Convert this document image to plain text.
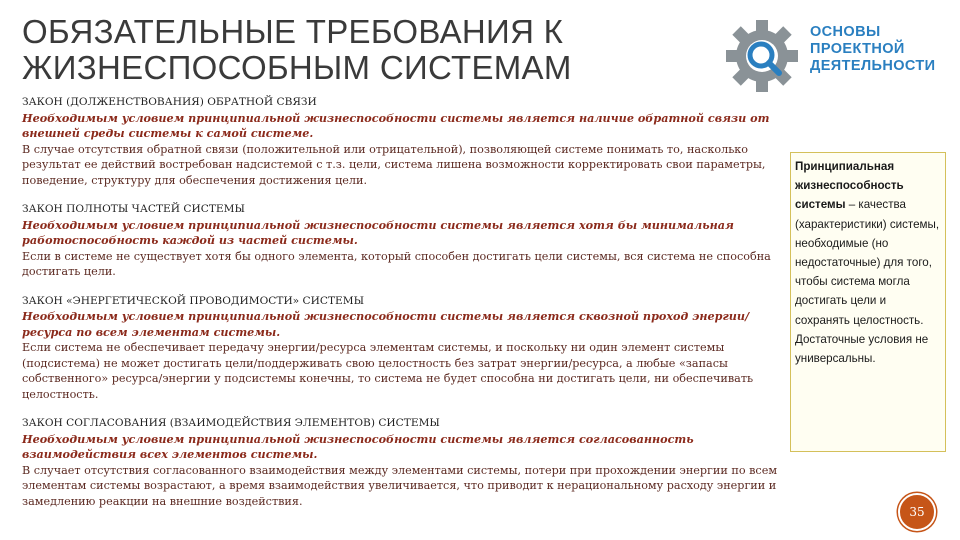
ОБЯЗАТЕЛЬНЫЕ ТРЕБОВАНИЯ К
ЖИЗНЕСПОСОБНЫМ СИСТЕМАМ
ОСНОВЫ
ПРОЕКТНОЙ
ДЕЯТЕЛЬНОСТИ
ЗАКОН (ДОЛЖЕНСТВОВАНИЯ) ОБРАТНОЙ СВЯЗИ
Необходимым условием принципиальной жизнеспособности системы является наличие обратной связи от внешней среды системы к самой системе.
В случае отсутствия обратной связи (положительной или отрицательной), позволяющей системе понимать то, насколько результат ее действий востребован надсистемой с т.з. цели, система лишена возможности корректировать свои параметры, поведение, структуру для обеспечения достижения цели.
ЗАКОН ПОЛНОТЫ ЧАСТЕЙ СИСТЕМЫ
Необходимым условием принципиальной жизнеспособности системы является хотя бы минимальная работоспособность каждой из частей системы.
Если в системе не существует хотя бы одного элемента, который способен достигать цели системы, вся система не способна достигать цели.
ЗАКОН «ЭНЕРГЕТИЧЕСКОЙ ПРОВОДИМОСТИ» СИСТЕМЫ
Необходимым условием принципиальной жизнеспособности системы является сквозной проход энергии/ресурса по всем элементам системы.
Если система не обеспечивает передачу энергии/ресурса элементам системы, и поскольку ни один элемент системы (подсистема) не может достигать цели/поддерживать свою целостность без затрат энергии/ресурса, а любые «запасы собственного» ресурса/энергии у подсистемы конечны, то система не будет способна ни достигать цели, ни обеспечивать целостность.
ЗАКОН СОГЛАСОВАНИЯ (ВЗАИМОДЕЙСТВИЯ ЭЛЕМЕНТОВ) СИСТЕМЫ
Необходимым условием принципиальной жизнеспособности системы является согласованность взаимодействия всех элементов системы.
В случает отсутствия согласованного взаимодействия между элементами системы, потери при прохождении энергии по всем элементам системы возрастают, а время взаимодействия увеличивается, что приводит к нерациональному расходу энергии и замедлению реакции на внешние воздействия.
Принципиальная жизнеспособность системы – качества (характеристики) системы, необходимые (но недостаточные) для того, чтобы система могла достигать цели и сохранять целостность. Достаточные условия не универсальны.
35
